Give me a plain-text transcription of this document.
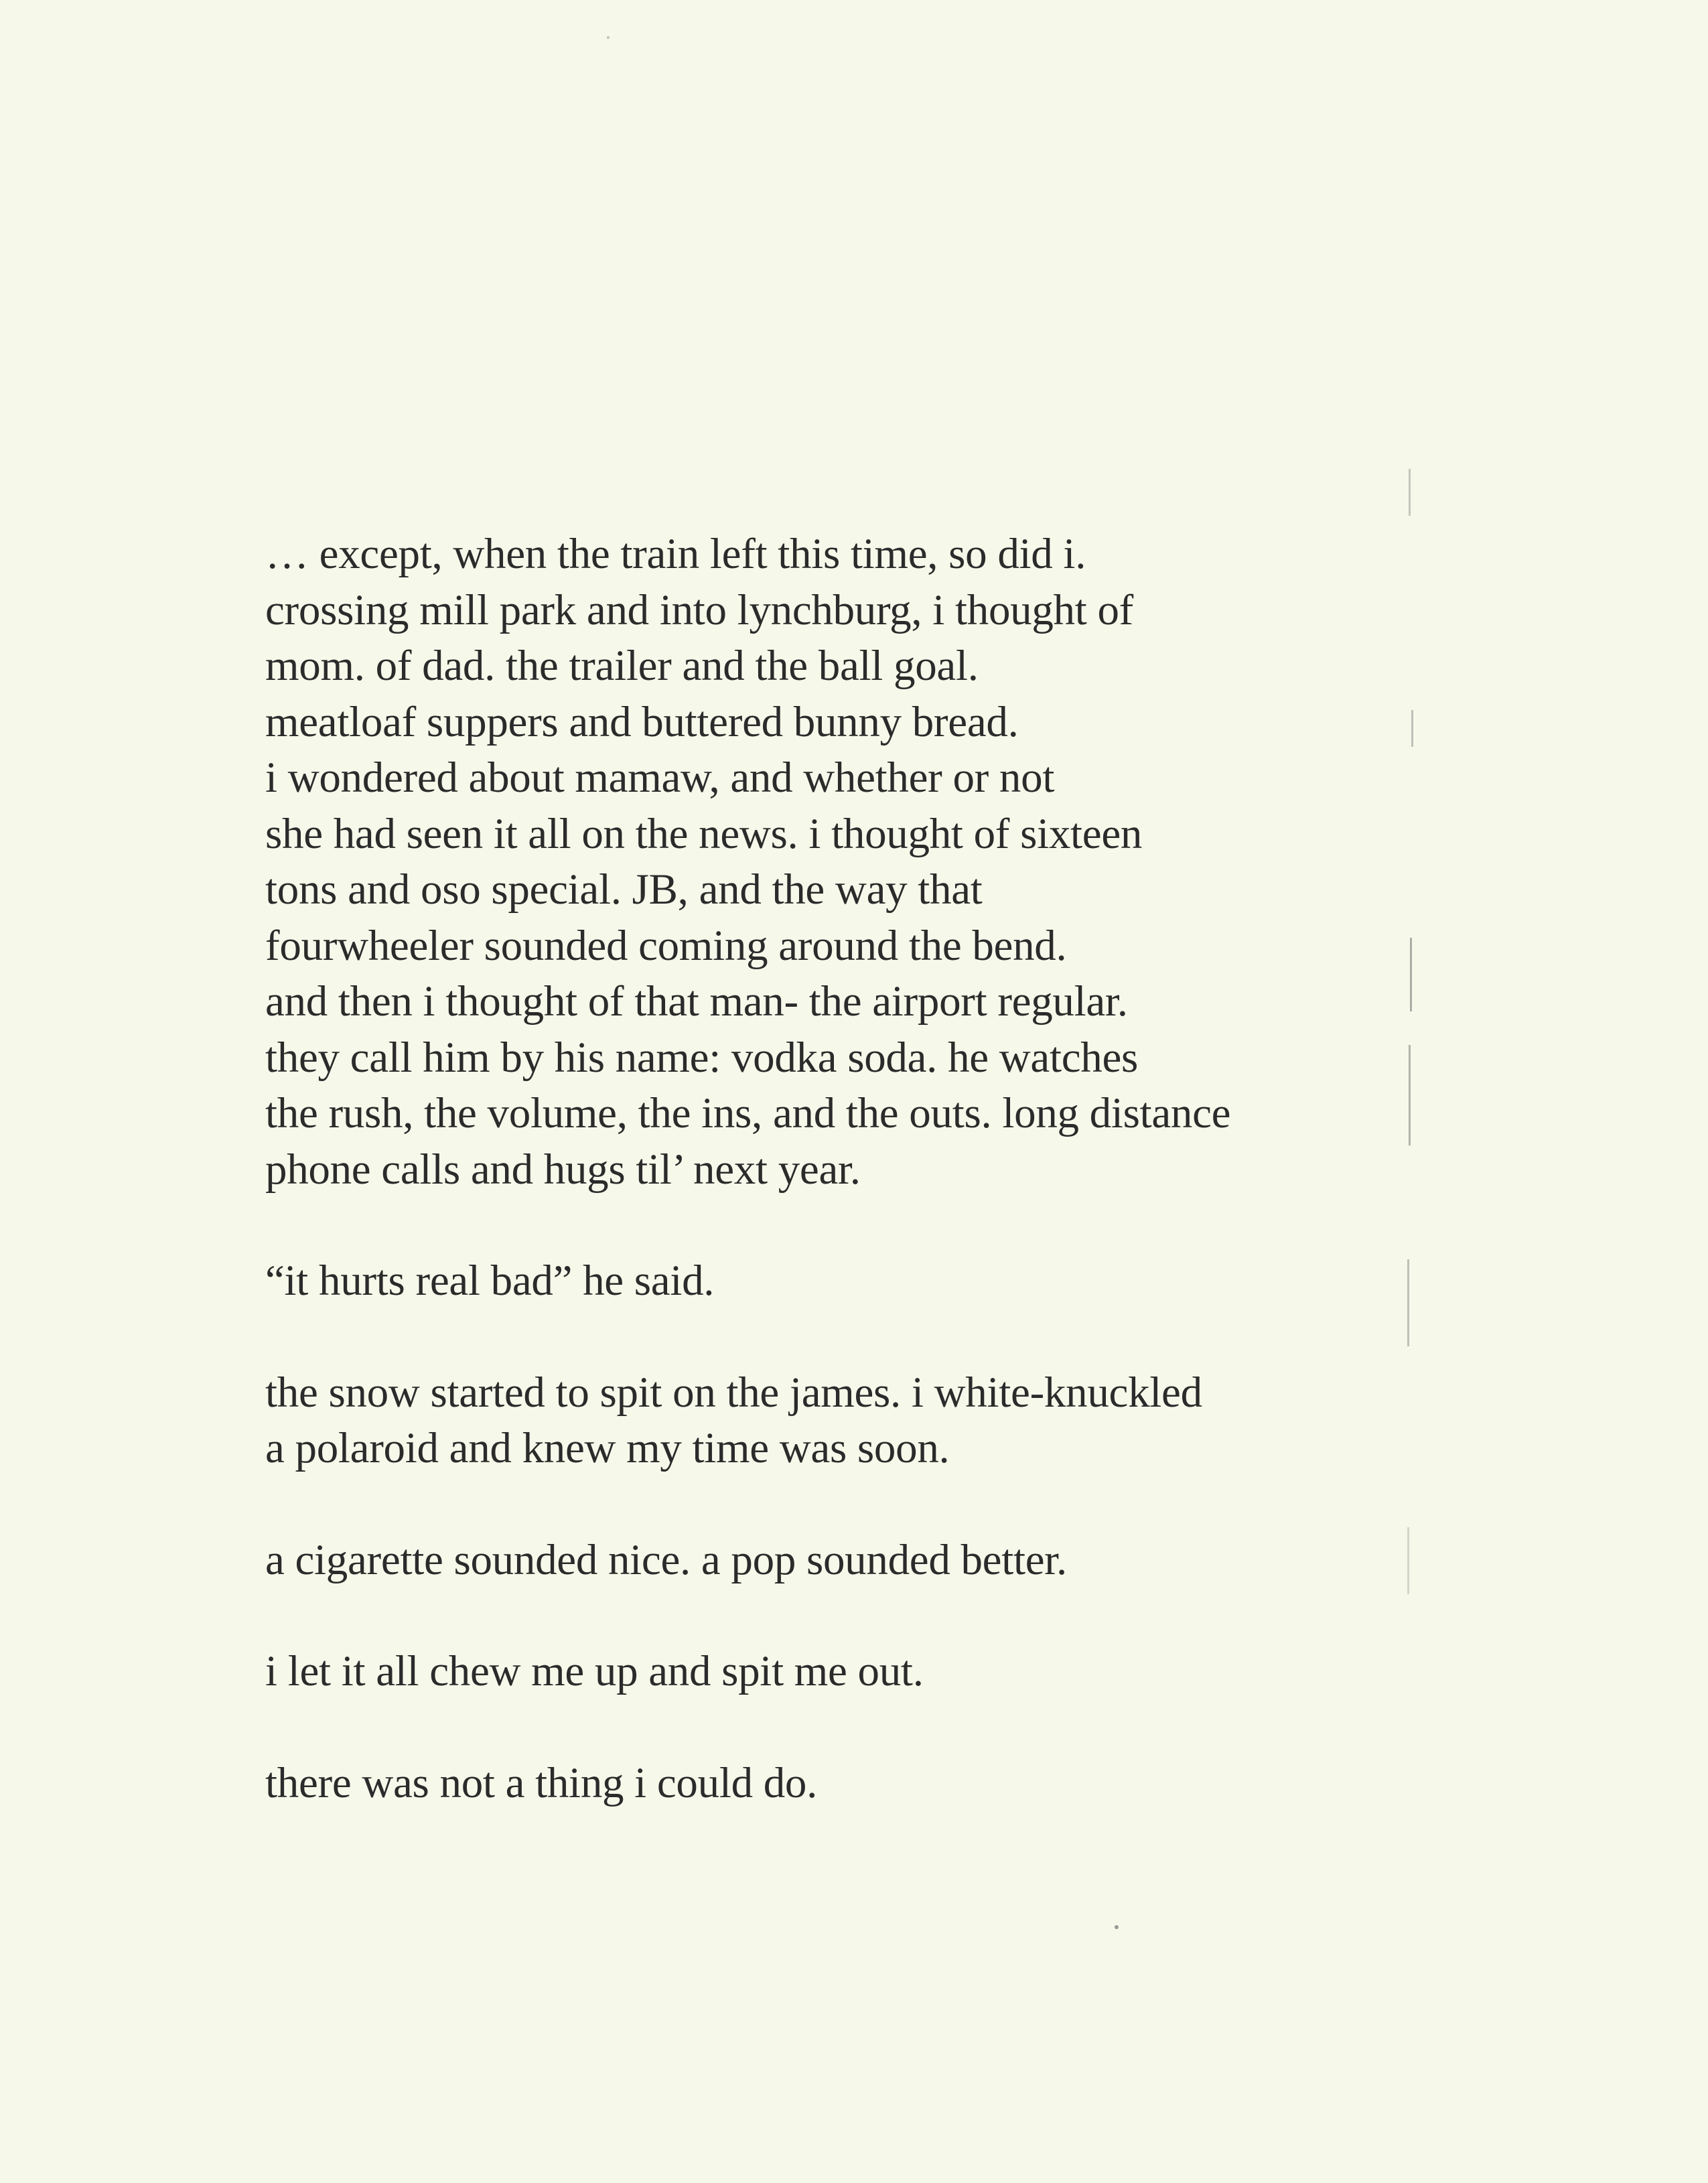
… except, when the train left this time, so did i.
crossing mill park and into lynchburg, i thought of
mom. of dad. the trailer and the ball goal.
meatloaf suppers and buttered bunny bread.
i wondered about mamaw, and whether or not
she had seen it all on the news. i thought of sixteen
tons and oso special. JB, and the way that
fourwheeler sounded coming around the bend.
and then i thought of that man- the airport regular.
they call him by his name: vodka soda. he watches
the rush, the volume, the ins, and the outs. long distance
phone calls and hugs til’ next year.
“it hurts real bad” he said.
the snow started to spit on the james. i white-knuckled
a polaroid and knew my time was soon.
a cigarette sounded nice. a pop sounded better.
i let it all chew me up and spit me out.
there was not a thing i could do.
